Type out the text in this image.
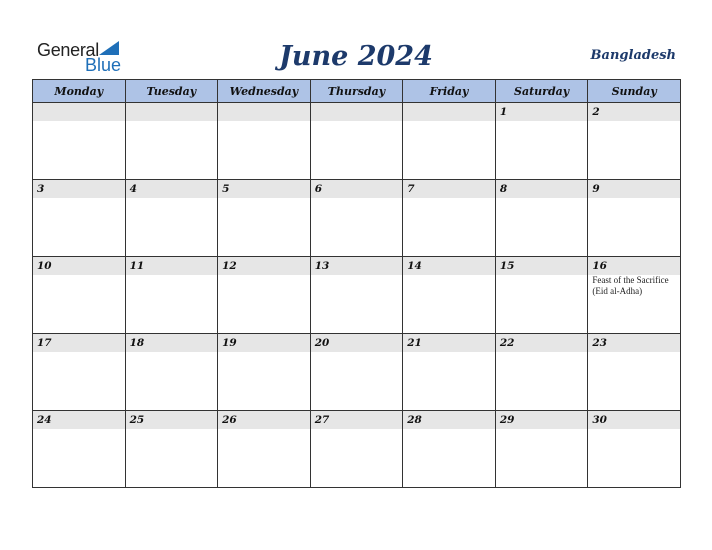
General
Blue	June 2024	Bangladesh
Monday	Tuesday	Wednesday	Thursday	Friday	Saturday	Sunday

					1	2

3	4	5	6	7	8	9

10	11	12	13	14	15	16
Feast of the Sacrifice (Eid al-Adha)

17	18	19	20	21	22	23

24	25	26	27	28	29	30
